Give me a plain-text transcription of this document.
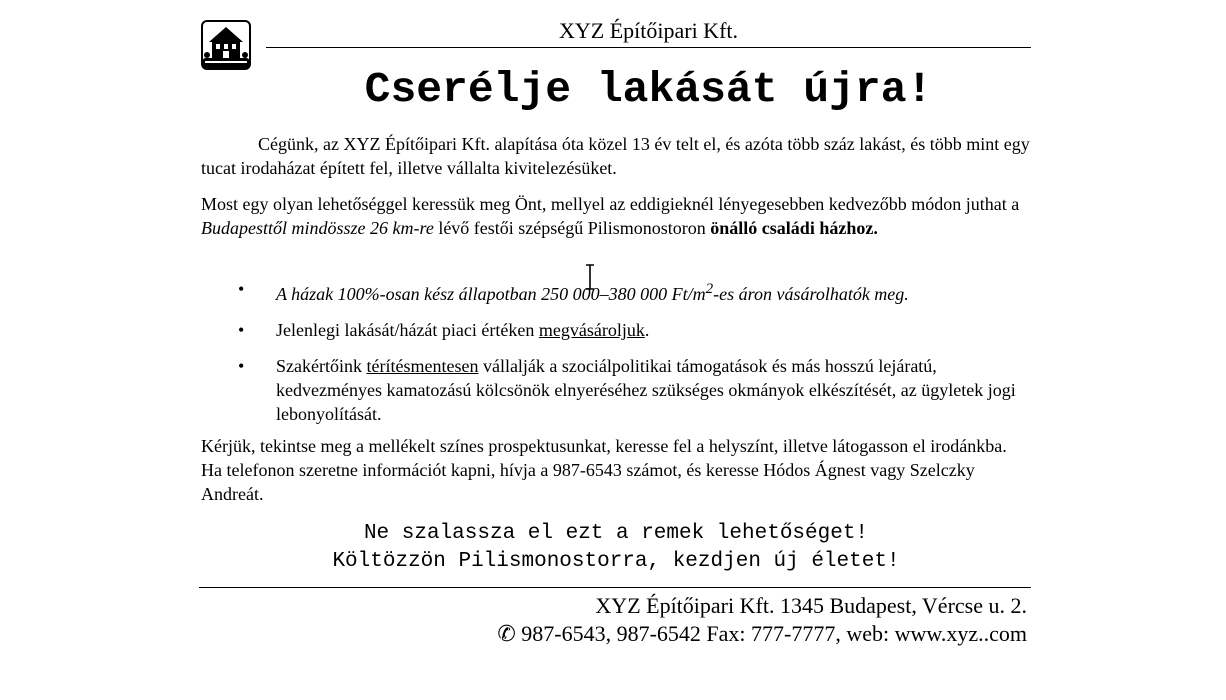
XYZ Építőipari Kft.
Cserélje lakását újra!

Cégünk, az XYZ Építőipari Kft. alapítása óta közel 13 év telt el, és azóta több száz lakást, és több mint egy tucat irodaházat épített fel, illetve vállalta kivitelezésüket.

Most egy olyan lehetőséggel keressük meg Önt, mellyel az eddigieknél lényegesebben kedvezőbb módon juthat a Budapesttől mindössze 26 km-re lévő festői szépségű Pilismonostoron önálló családi házhoz.

• A házak 100%-osan kész állapotban 250 000–380 000 $Ft/m^2-es$ áron vásárolhatók meg.
• Jelenlegi lakását/házát piaci értéken megvásároljuk.
• Szakértőink térítésmentesen vállalják a szociálpolitikai támogatások és más hosszú lejáratú, kedvezményes kamatozású kölcsönök elnyeréséhez szükséges okmányok elkészítését, az ügyletek jogi lebonyolítását.

Kérjük, tekintse meg a mellékelt színes prospektusunkat, keresse fel a helyszínt, illetve látogasson el irodánkba. Ha telefonon szeretne információt kapni, hívja a 987-6543 számot, és keresse Hódos Ágnest vagy Szelczky Andreát.

Ne szalassza el ezt a remek lehetőséget!
Költözzön Pilismonostorra, kezdjen új életet!
XYZ Építőipari Kft. 1345 Budapest, Vércse u. 2.
✆ 987-6543, 987-6542 Fax: 777-7777, web: www.xyz..com
